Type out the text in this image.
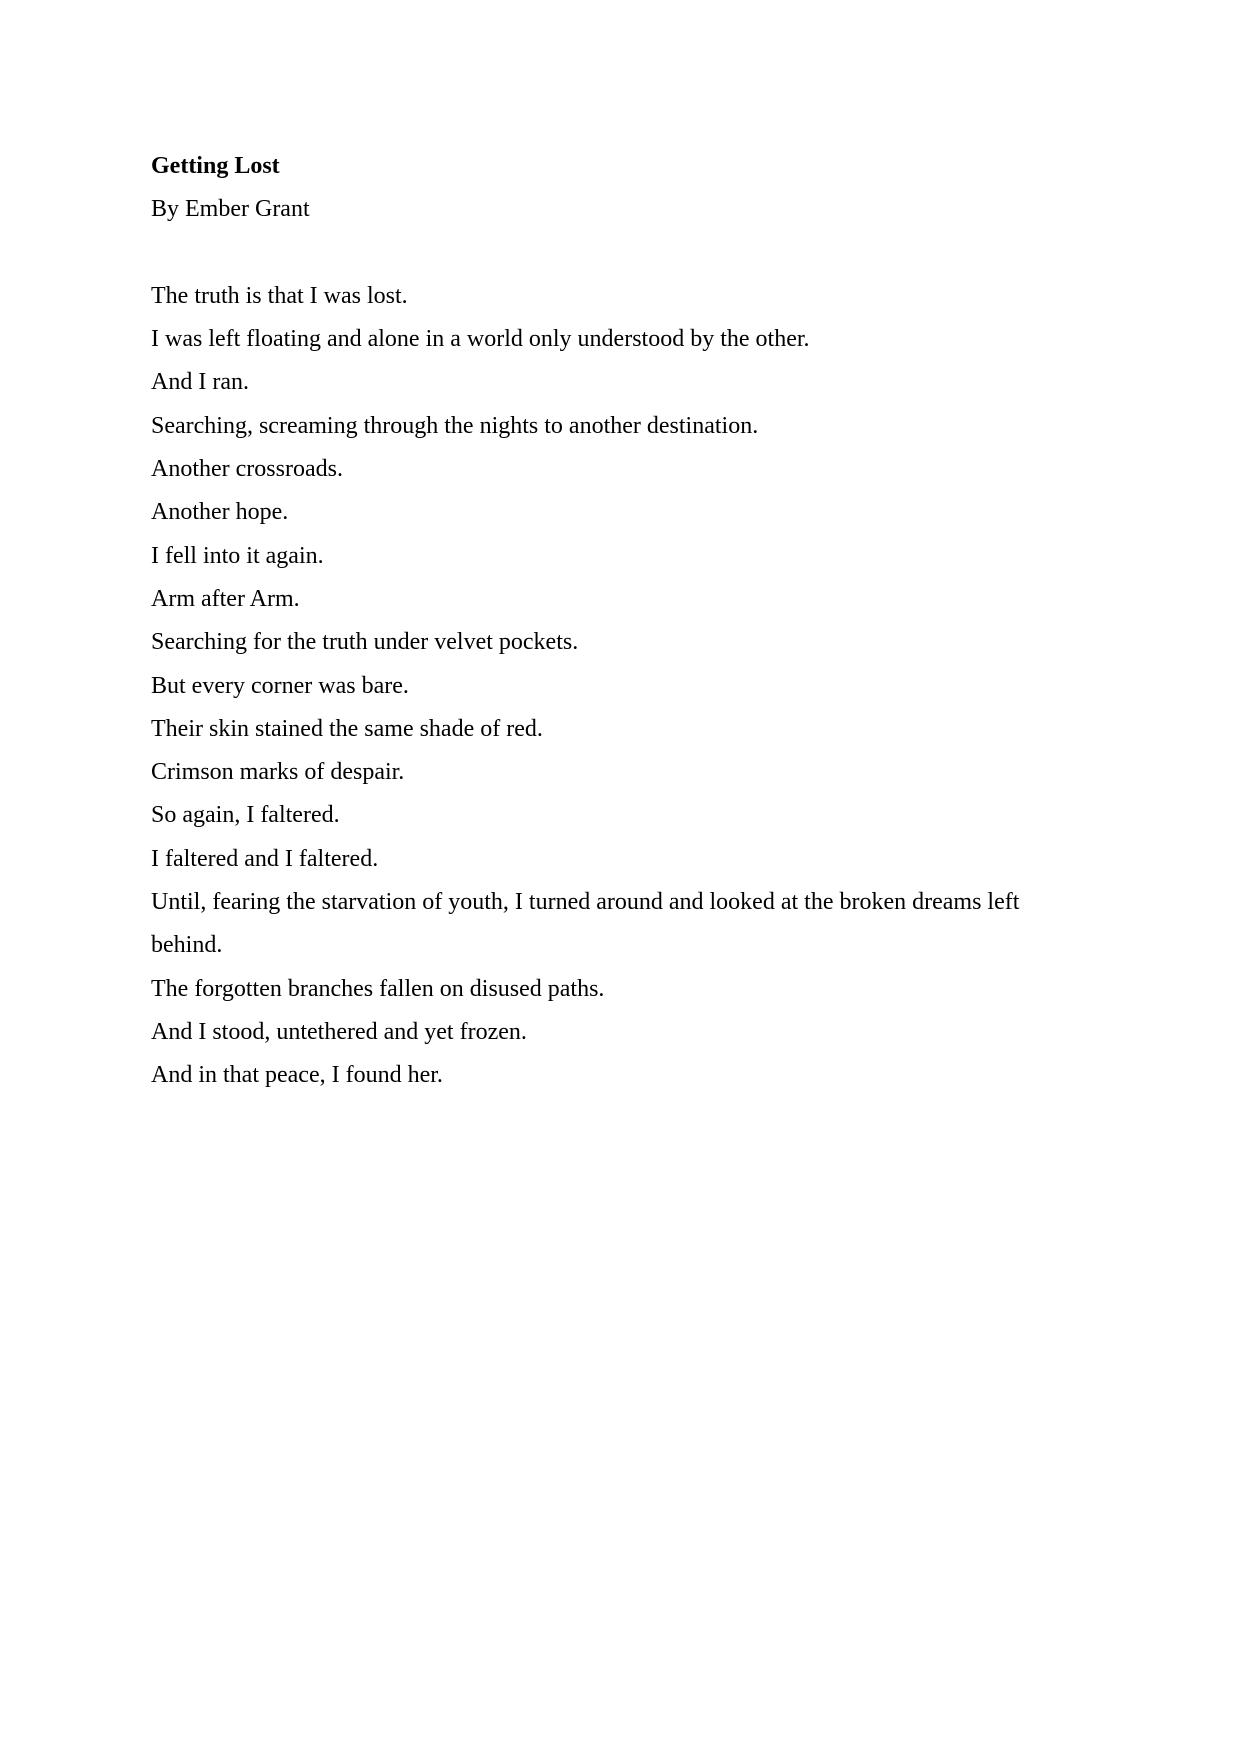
Getting Lost

By Ember Grant

The truth is that I was lost.

I was left floating and alone in a world only understood by the other.

And I ran.

Searching, screaming through the nights to another destination.

Another crossroads.

Another hope.

I fell into it again.

Arm after Arm.

Searching for the truth under velvet pockets.

But every corner was bare.

Their skin stained the same shade of red.

Crimson marks of despair.

So again, I faltered.

I faltered and I faltered.

Until, fearing the starvation of youth, I turned around and looked at the broken dreams left behind.

The forgotten branches fallen on disused paths.

And I stood, untethered and yet frozen.

And in that peace, I found her.
